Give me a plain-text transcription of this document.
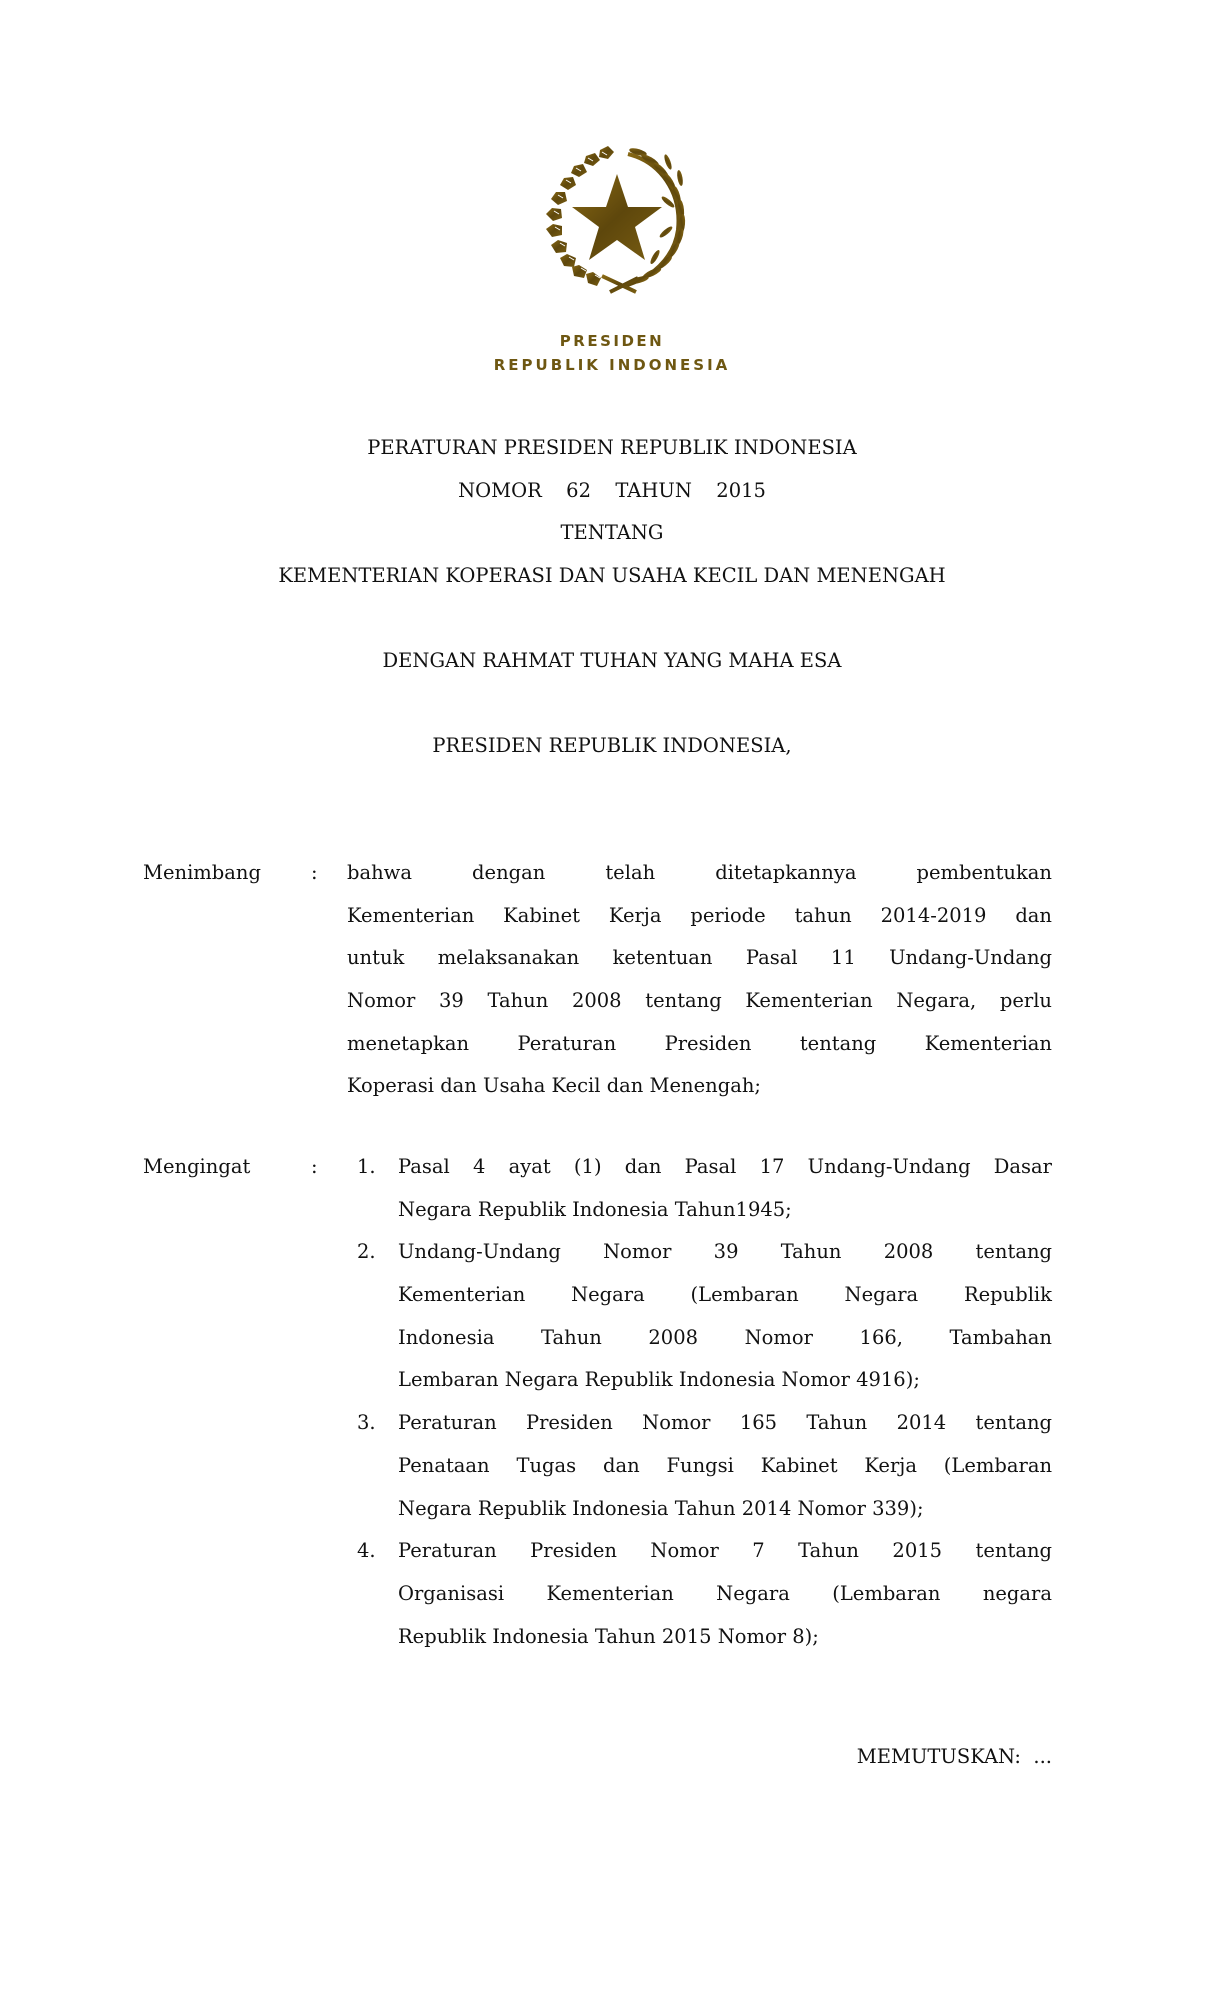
PRESIDEN
REPUBLIK INDONESIA
PERATURAN PRESIDEN REPUBLIK INDONESIA
NOMOR  62  TAHUN  2015
TENTANG
KEMENTERIAN KOPERASI DAN USAHA KECIL DAN MENENGAH
DENGAN RAHMAT TUHAN YANG MAHA ESA
PRESIDEN REPUBLIK INDONESIA,
Menimbang	: bahwa dengan telah ditetapkannya pembentukan
Kementerian Kabinet Kerja periode tahun 2014-2019 dan
untuk melaksanakan ketentuan Pasal 11 Undang-Undang
Nomor 39 Tahun 2008 tentang Kementerian Negara, perlu
menetapkan Peraturan Presiden tentang Kementerian
Koperasi dan Usaha Kecil dan Menengah;
Mengingat	: 1. Pasal 4 ayat (1) dan Pasal 17 Undang-Undang Dasar
Negara Republik Indonesia Tahun1945;
2. Undang-Undang Nomor 39 Tahun 2008 tentang
Kementerian Negara (Lembaran Negara Republik
Indonesia Tahun 2008 Nomor 166, Tambahan
Lembaran Negara Republik Indonesia Nomor 4916);
3. Peraturan Presiden Nomor 165 Tahun 2014 tentang
Penataan Tugas dan Fungsi Kabinet Kerja (Lembaran
Negara Republik Indonesia Tahun 2014 Nomor 339);
4. Peraturan Presiden Nomor 7 Tahun 2015 tentang
Organisasi Kementerian Negara (Lembaran negara
Republik Indonesia Tahun 2015 Nomor 8);
MEMUTUSKAN:  ...
